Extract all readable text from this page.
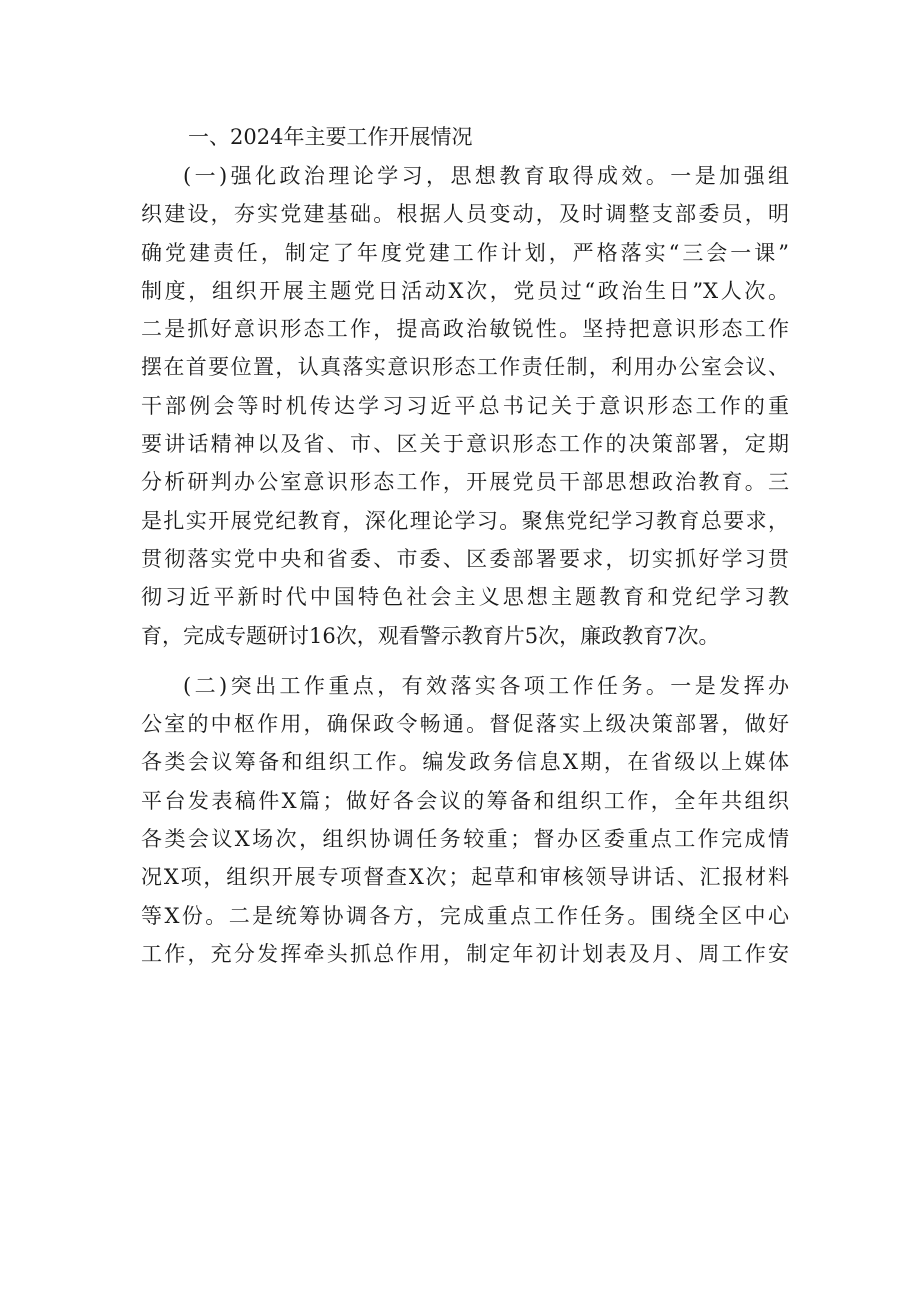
一、2024年主要工作开展情况
(一)强化政治理论学习，思想教育取得成效。一是加强组
织建设，夯实党建基础。根据人员变动，及时调整支部委员，明
确党建责任，制定了年度党建工作计划，严格落实“三会一课”
制度，组织开展主题党日活动X次，党员过“政治生日”X人次。
二是抓好意识形态工作，提高政治敏锐性。坚持把意识形态工作
摆在首要位置，认真落实意识形态工作责任制，利用办公室会议、
干部例会等时机传达学习习近平总书记关于意识形态工作的重
要讲话精神以及省、市、区关于意识形态工作的决策部署，定期
分析研判办公室意识形态工作，开展党员干部思想政治教育。三
是扎实开展党纪教育，深化理论学习。聚焦党纪学习教育总要求，
贯彻落实党中央和省委、市委、区委部署要求，切实抓好学习贯
彻习近平新时代中国特色社会主义思想主题教育和党纪学习教
育，完成专题研讨16次，观看警示教育片5次，廉政教育7次。
(二)突出工作重点，有效落实各项工作任务。一是发挥办
公室的中枢作用，确保政令畅通。督促落实上级决策部署，做好
各类会议筹备和组织工作。编发政务信息X期，在省级以上媒体
平台发表稿件X篇；做好各会议的筹备和组织工作，全年共组织
各类会议X场次，组织协调任务较重；督办区委重点工作完成情
况X项，组织开展专项督查X次；起草和审核领导讲话、汇报材料
等X份。二是统筹协调各方，完成重点工作任务。围绕全区中心
工作，充分发挥牵头抓总作用，制定年初计划表及月、周工作安
